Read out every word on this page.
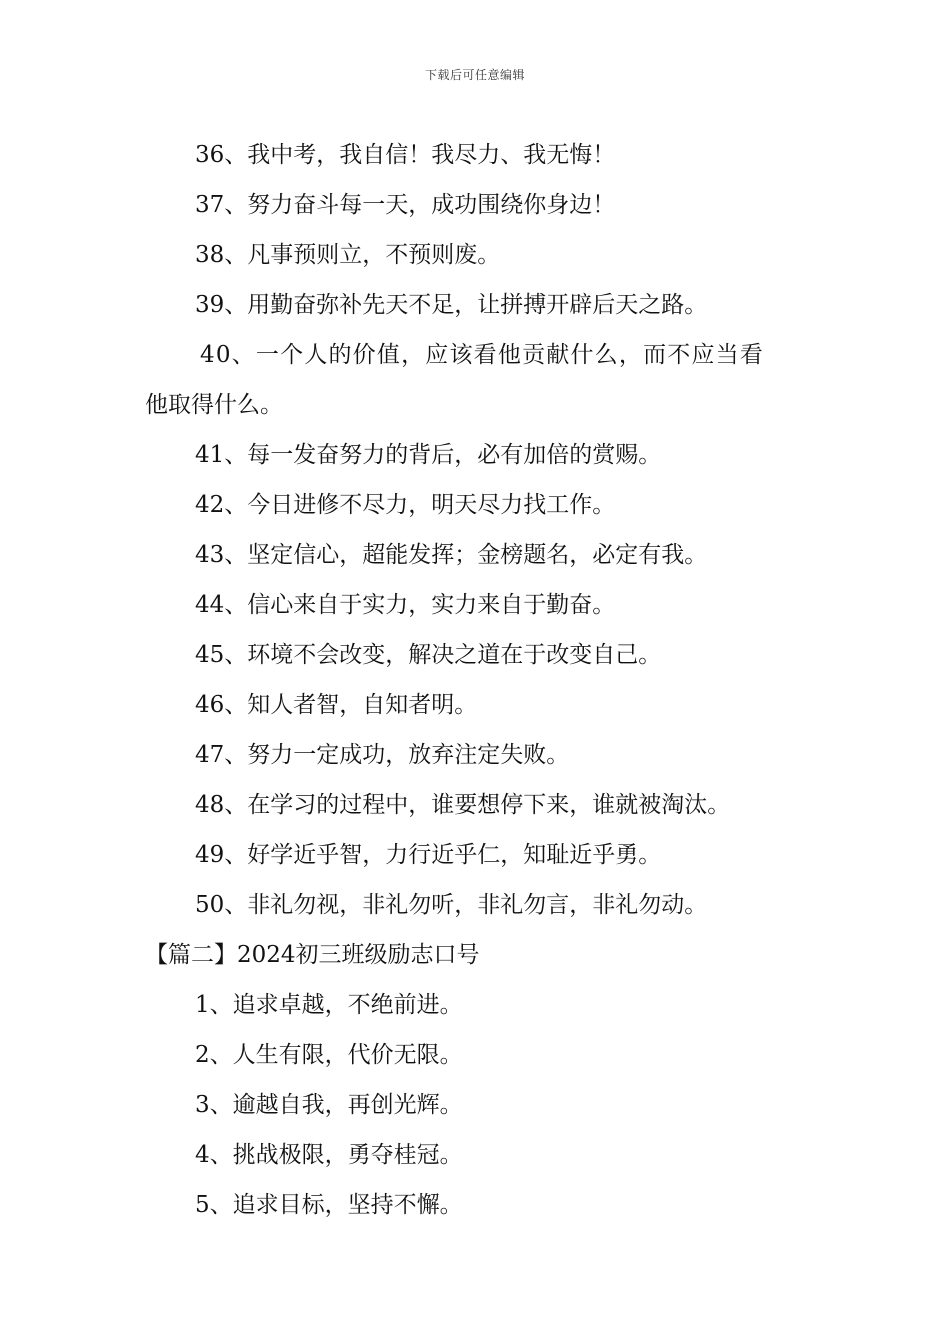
下载后可任意编辑
36、我中考，我自信！我尽力、我无悔！
37、努力奋斗每一天，成功围绕你身边！
38、凡事预则立，不预则废。
39、用勤奋弥补先天不足，让拼搏开辟后天之路。
40、一个人的价值，应该看他贡献什么，而不应当看
他取得什么。
41、每一发奋努力的背后，必有加倍的赏赐。
42、今日进修不尽力，明天尽力找工作。
43、坚定信心，超能发挥；金榜题名，必定有我。
44、信心来自于实力，实力来自于勤奋。
45、环境不会改变，解决之道在于改变自己。
46、知人者智，自知者明。
47、努力一定成功，放弃注定失败。
48、在学习的过程中，谁要想停下来，谁就被淘汰。
49、好学近乎智，力行近乎仁，知耻近乎勇。
50、非礼勿视，非礼勿听，非礼勿言，非礼勿动。
【篇二】2024初三班级励志口号
1、追求卓越，不绝前进。
2、人生有限，代价无限。
3、逾越自我，再创光辉。
4、挑战极限，勇夺桂冠。
5、追求目标，坚持不懈。
